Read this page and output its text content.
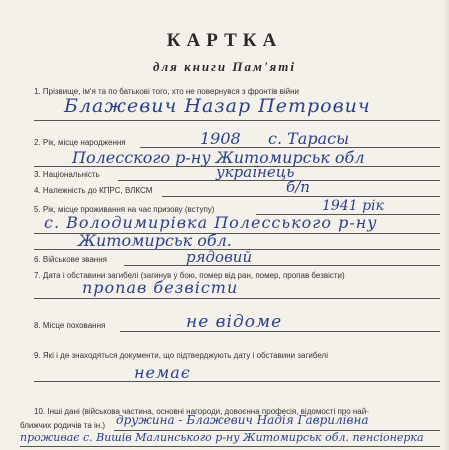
КАРТКА
для книги Пам'яті
1. Прізвище, ім'я та по батькові того, хто не повернувся з фронтів війни
Блажевич Назар Петрович
2. Рік, місце народження	1908 с. Тарасы
Полесского р-ну Житомирськ обл
3. Національність	українець
4. Належність до КПРС, ВЛКСМ	б/п
5. Рік, місце проживання на час призову (вступу)	1941 рік
с. Володимирівка Полесського р-ну
Житомирськ обл.
6. Військове звання	рядовий
7. Дата і обставини загибелі (загинув у бою, помер від ран, помер, пропав безвісти)
пропав безвісти
8. Місце поховання	не відоме
9. Які і де знаходяться документи, що підтверджують дату і обставини загибелі
немає
10. Інші дані (військова частина, основні нагороди, довоєнна професія, відомості про най-
ближчих родичів та ін.) дружина - Блажевич Надія Гаврилівна
проживає с. Вишів Малинського р-ну Житомирськ обл. пенсіонерка
